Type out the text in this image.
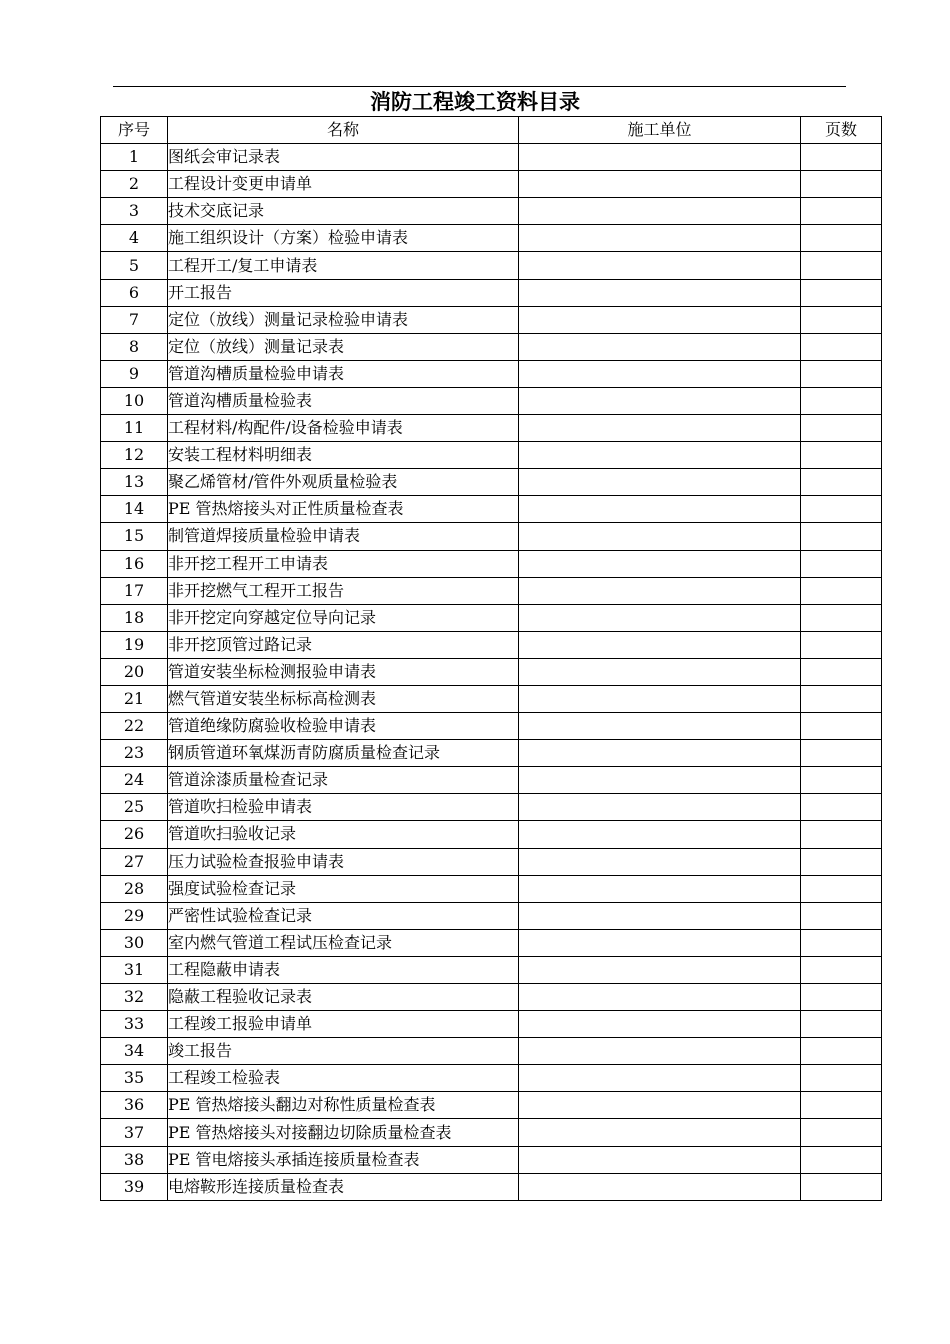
消防工程竣工资料目录
序号	名称	施工单位	页数
1	图纸会审记录表		
2	工程设计变更申请单		
3	技术交底记录		
4	施工组织设计（方案）检验申请表		
5	工程开工/复工申请表		
6	开工报告		
7	定位（放线）测量记录检验申请表		
8	定位（放线）测量记录表		
9	管道沟槽质量检验申请表		
10	管道沟槽质量检验表		
11	工程材料/构配件/设备检验申请表		
12	安装工程材料明细表		
13	聚乙烯管材/管件外观质量检验表		
14	PE 管热熔接头对正性质量检查表		
15	制管道焊接质量检验申请表		
16	非开挖工程开工申请表		
17	非开挖燃气工程开工报告		
18	非开挖定向穿越定位导向记录		
19	非开挖顶管过路记录		
20	管道安装坐标检测报验申请表		
21	燃气管道安装坐标标高检测表		
22	管道绝缘防腐验收检验申请表		
23	钢质管道环氧煤沥青防腐质量检查记录		
24	管道涂漆质量检查记录		
25	管道吹扫检验申请表		
26	管道吹扫验收记录		
27	压力试验检查报验申请表		
28	强度试验检查记录		
29	严密性试验检查记录		
30	室内燃气管道工程试压检查记录		
31	工程隐蔽申请表		
32	隐蔽工程验收记录表		
33	工程竣工报验申请单		
34	竣工报告		
35	工程竣工检验表		
36	PE 管热熔接头翻边对称性质量检查表		
37	PE 管热熔接头对接翻边切除质量检查表		
38	PE 管电熔接头承插连接质量检查表		
39	电熔鞍形连接质量检查表		
